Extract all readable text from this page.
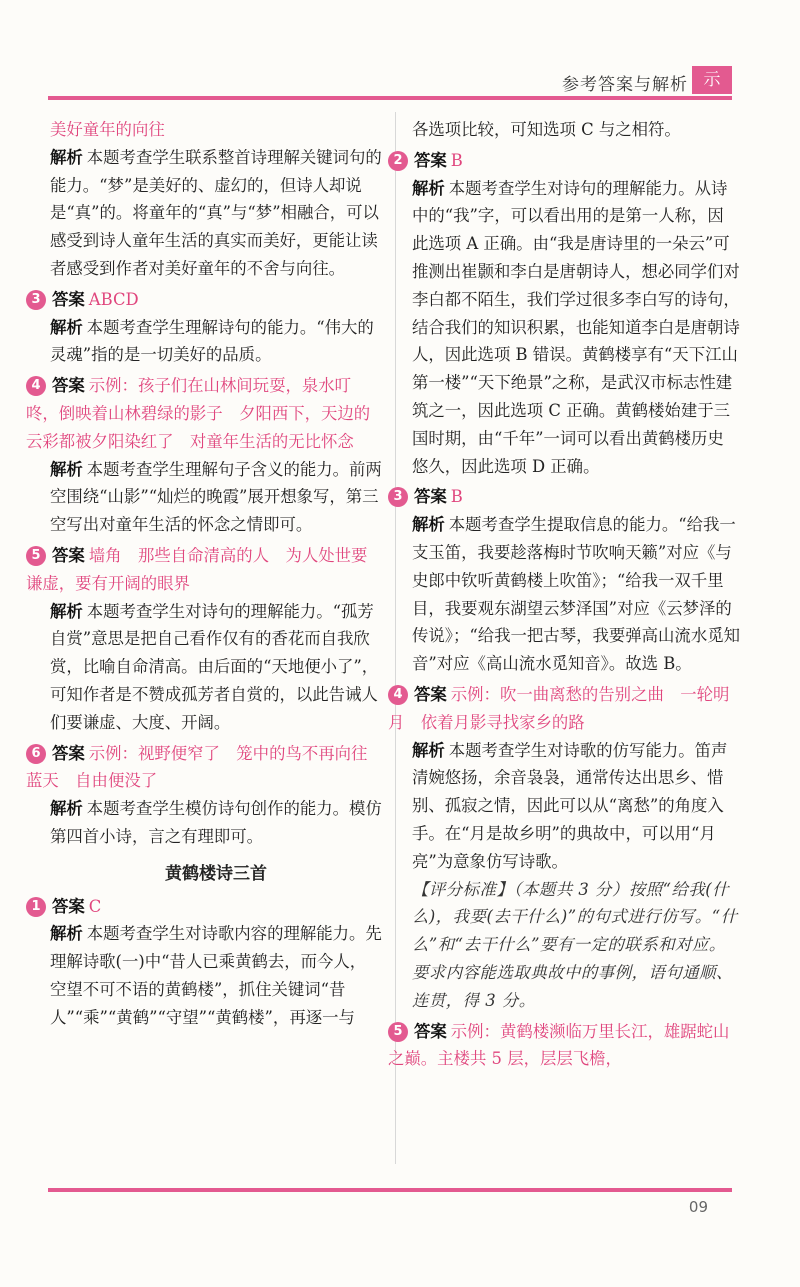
参考答案与解析 示
美好童年的向往
解析 本题考查学生联系整首诗理解关键词句的能力。“梦”是美好的、虚幻的，但诗人却说是“真”的。将童年的“真”与“梦”相融合，可以感受到诗人童年生活的真实而美好，更能让读者感受到作者对美好童年的不舍与向往。
3 答案 ABCD
解析 本题考查学生理解诗句的能力。“伟大的灵魂”指的是一切美好的品质。
4 答案 示例：孩子们在山林间玩耍，泉水叮咚，倒映着山林碧绿的影子　夕阳西下，天边的云彩都被夕阳染红了　对童年生活的无比怀念
解析 本题考查学生理解句子含义的能力。前两空围绕“山影”“灿烂的晚霞”展开想象写，第三空写出对童年生活的怀念之情即可。
5 答案 墙角　那些自命清高的人　为人处世要谦虚，要有开阔的眼界
解析 本题考查学生对诗句的理解能力。“孤芳自赏”意思是把自己看作仅有的香花而自我欣赏，比喻自命清高。由后面的“天地便小了”，可知作者是不赞成孤芳者自赏的，以此告诫人们要谦虚、大度、开阔。
6 答案 示例：视野便窄了　笼中的鸟不再向往蓝天　自由便没了
解析 本题考查学生模仿诗句创作的能力。模仿第四首小诗，言之有理即可。
黄鹤楼诗三首
1 答案 C
解析 本题考查学生对诗歌内容的理解能力。先理解诗歌(一)中“昔人已乘黄鹤去，而今人，空望不可不语的黄鹤楼”，抓住关键词“昔人”“乘”“黄鹤”“守望”“黄鹤楼”，再逐一与
各选项比较，可知选项 C 与之相符。
2 答案 B
解析 本题考查学生对诗句的理解能力。从诗中的“我”字，可以看出用的是第一人称，因此选项 A 正确。由“我是唐诗里的一朵云”可推测出崔颢和李白是唐朝诗人，想必同学们对李白都不陌生，我们学过很多李白写的诗句，结合我们的知识积累，也能知道李白是唐朝诗人，因此选项 B 错误。黄鹤楼享有“天下江山第一楼”“天下绝景”之称，是武汉市标志性建筑之一，因此选项 C 正确。黄鹤楼始建于三国时期，由“千年”一词可以看出黄鹤楼历史悠久，因此选项 D 正确。
3 答案 B
解析 本题考查学生提取信息的能力。“给我一支玉笛，我要趁落梅时节吹响天籁”对应《与史郎中钦听黄鹤楼上吹笛》；“给我一双千里目，我要观东湖望云梦泽国”对应《云梦泽的传说》；“给我一把古琴，我要弹高山流水觅知音”对应《高山流水觅知音》。故选 B。
4 答案 示例：吹一曲离愁的告别之曲　一轮明月　依着月影寻找家乡的路
解析 本题考查学生对诗歌的仿写能力。笛声清婉悠扬，余音袅袅，通常传达出思乡、惜别、孤寂之情，因此可以从“离愁”的角度入手。在“月是故乡明”的典故中，可以用“月亮”为意象仿写诗歌。
【评分标准】（本题共 3 分）按照“给我(什么)，我要(去干什么)”的句式进行仿写。“什么”和“去干什么”要有一定的联系和对应。要求内容能选取典故中的事例，语句通顺、连贯，得 3 分。
5 答案 示例：黄鹤楼濒临万里长江，雄踞蛇山之巅。主楼共 5 层，层层飞檐，
09
